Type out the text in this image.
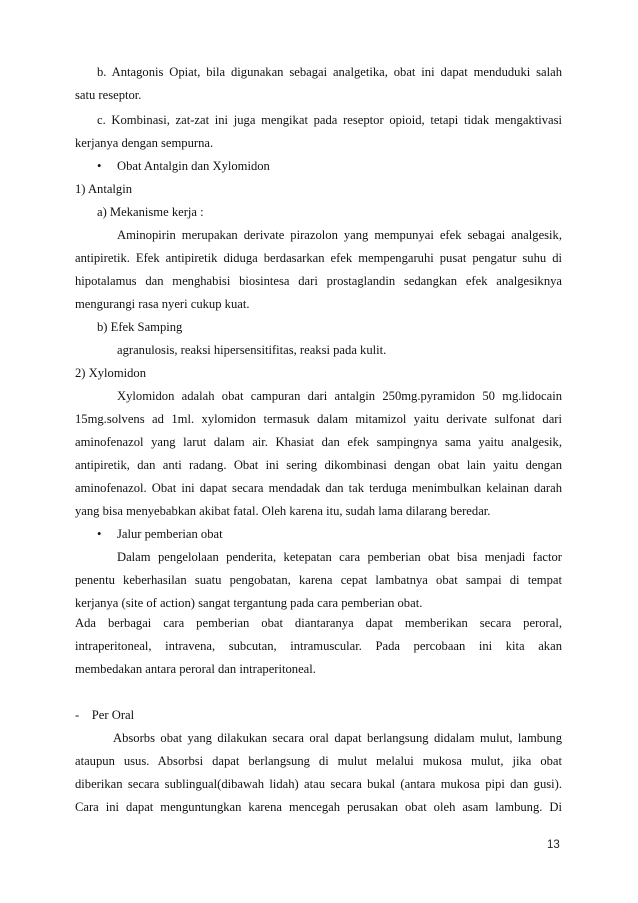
b. Antagonis Opiat, bila digunakan sebagai analgetika, obat ini dapat menduduki salah
satu reseptor.
c. Kombinasi, zat-zat ini juga mengikat pada reseptor opioid, tetapi tidak mengaktivasi
kerjanya dengan sempurna.
• Obat Antalgin dan Xylomidon
1) Antalgin
a) Mekanisme kerja :
Aminopirin merupakan derivate pirazolon yang mempunyai efek sebagai analgesik,
antipiretik. Efek antipiretik diduga berdasarkan efek mempengaruhi pusat pengatur suhu di
hipotalamus dan menghabisi biosintesa dari prostaglandin sedangkan efek analgesiknya
mengurangi rasa nyeri cukup kuat.
b) Efek Samping
agranulosis, reaksi hipersensitifitas, reaksi pada kulit.
2) Xylomidon
Xylomidon adalah obat campuran dari antalgin 250mg.pyramidon 50 mg.lidocain
15mg.solvens ad 1ml. xylomidon termasuk dalam mitamizol yaitu derivate sulfonat dari
aminofenazol yang larut dalam air. Khasiat dan efek sampingnya sama yaitu analgesik,
antipiretik, dan anti radang. Obat ini sering dikombinasi dengan obat lain yaitu dengan
aminofenazol. Obat ini dapat secara mendadak dan tak terduga menimbulkan kelainan darah
yang bisa menyebabkan akibat fatal. Oleh karena itu, sudah lama dilarang beredar.
• Jalur pemberian obat
Dalam pengelolaan penderita, ketepatan cara pemberian obat bisa menjadi factor
penentu keberhasilan suatu pengobatan, karena cepat lambatnya obat sampai di tempat
kerjanya (site of action) sangat tergantung pada cara pemberian obat.
Ada berbagai cara pemberian obat diantaranya dapat memberikan secara peroral,
intraperitoneal, intravena, subcutan, intramuscular. Pada percobaan ini kita akan
membedakan antara peroral dan intraperitoneal.
-    Per Oral
Absorbs obat yang dilakukan secara oral dapat berlangsung didalam mulut, lambung
ataupun usus. Absorbsi dapat berlangsung di mulut melalui mukosa mulut, jika obat
diberikan secara sublingual(dibawah lidah) atau secara bukal (antara mukosa pipi dan gusi).
Cara ini dapat menguntungkan karena mencegah perusakan obat oleh asam lambung. Di
13
